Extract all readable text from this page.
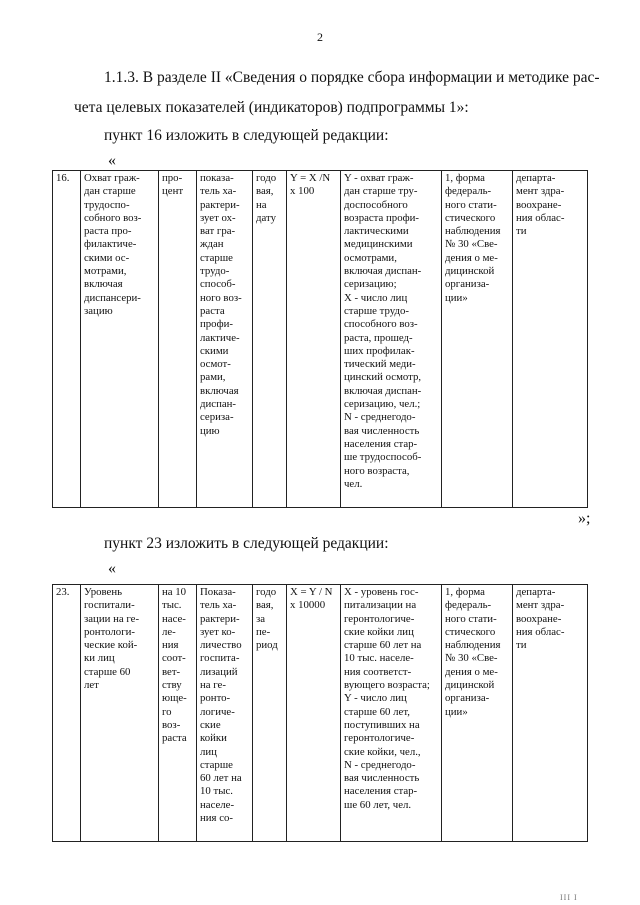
2
1.1.3. В разделе II «Сведения о порядке сбора информации и методике рас-
чета целевых показателей (индикаторов) подпрограммы 1»:
пункт 16 изложить в следующей редакции:
«
16.	Охват граж-
дан старше
трудоспо-
собного воз-
раста про-
филактиче-
скими ос-
мотрами,
включая
диспансери-
зацию	про-
цент	показа-
тель ха-
рактери-
зует ох-
ват гра-
ждан
старше
трудо-
способ-
ного воз-
раста
профи-
лактиче-
скими
осмот-
рами,
включая
диспан-
сериза-
цию	годо
вая,
на
дату	Y = X /N
x 100	Y - охват граж-
дан старше тру-
доспособного
возраста профи-
лактическими
медицинскими
осмотрами,
включая диспан-
серизацию;
X - число лиц
старше трудо-
способного воз-
раста, прошед-
ших профилак-
тический меди-
цинский осмотр,
включая диспан-
серизацию, чел.;
N - среднегодо-
вая численность
населения стар-
ше трудоспособ-
ного возраста,
чел.	1, форма
федераль-
ного стати-
стического
наблюдения
№ 30 «Све-
дения о ме-
дицинской
организа-
ции»	департа-
мент здра-
воохране-
ния облас-
ти
»;
пункт 23 изложить в следующей редакции:
«
23.	Уровень
госпитали-
зации на ге-
ронтологи-
ческие кой-
ки лиц
старше 60
лет	на 10
тыс.
насе-
ле-
ния
соот-
вет-
ству
юще-
го
воз-
раста	Показа-
тель ха-
рактери-
зует ко-
личество
госпита-
лизаций
на ге-
ронто-
логиче-
ские
койки
лиц
старше
60 лет на
10 тыс.
населе-
ния со-	годо
вая,
за
пе-
риод	X = Y / N
x 10000	X - уровень гос-
питализации на
геронтологиче-
ские койки лиц
старше 60 лет на
10 тыс. населе-
ния соответст-
вующего возраста;
Y - число лиц
старше 60 лет,
поступивших на
геронтологиче-
ские койки, чел.,
N - среднегодо-
вая численность
населения стар-
ше 60 лет, чел.	1, форма
федераль-
ного стати-
стического
наблюдения
№ 30 «Све-
дения о ме-
дицинской
организа-
ции»	департа-
мент здра-
воохране-
ния облас-
ти
III I
